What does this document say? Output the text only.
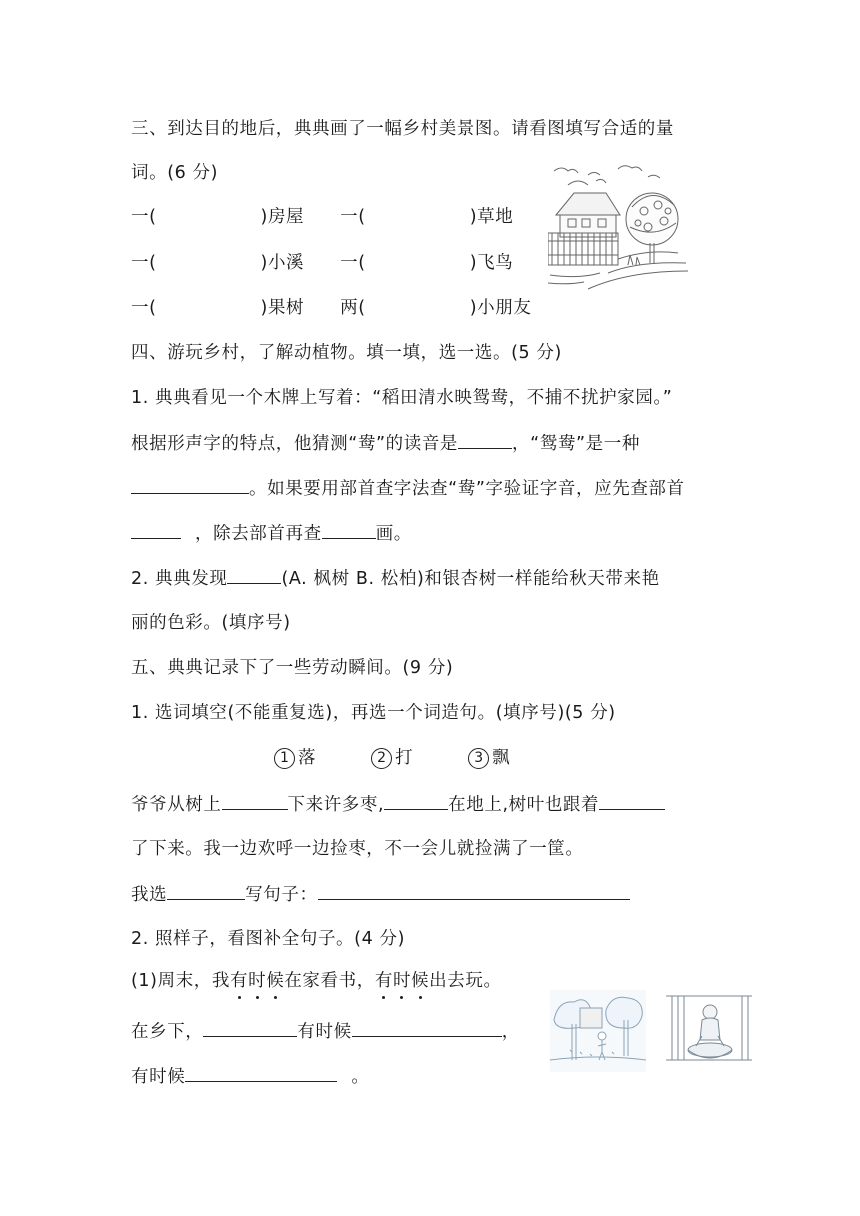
三、到达目的地后，典典画了一幅乡村美景图。请看图填写合适的量
词。(6 分)
一(	)房屋 一(	)草地
一(	)小溪 一(	)飞鸟
一(	)果树 两(	)小朋友
四、游玩乡村，了解动植物。填一填，选一选。(5 分)
1. 典典看见一个木牌上写着：“稻田清水映鸳鸯，不捕不扰护家园。”
根据形声字的特点，他猜测“鸯”的读音是	，“鸳鸯”是一种
。如果要用部首查字法查“鸯”字验证字音，应先查部首
，除去部首再查	画。
2. 典典发现	(A. 枫树 B. 松柏)和银杏树一样能给秋天带来艳
丽的色彩。(填序号)
五、典典记录下了一些劳动瞬间。(9 分)
1. 选词填空(不能重复选)，再选一个词造句。(填序号)(5 分)
1 落	2 打	3 飘
爷爷从树上	下来许多枣,	在地上,树叶也跟着
了下来。我一边欢呼一边捡枣，不一会儿就捡满了一筐。
我选	写句子：
2. 照样子，看图补全句子。(4 分)
(1)周末，我有时候在家看书，有时候出去玩。
在乡下，	有时候	，
有时候	。
